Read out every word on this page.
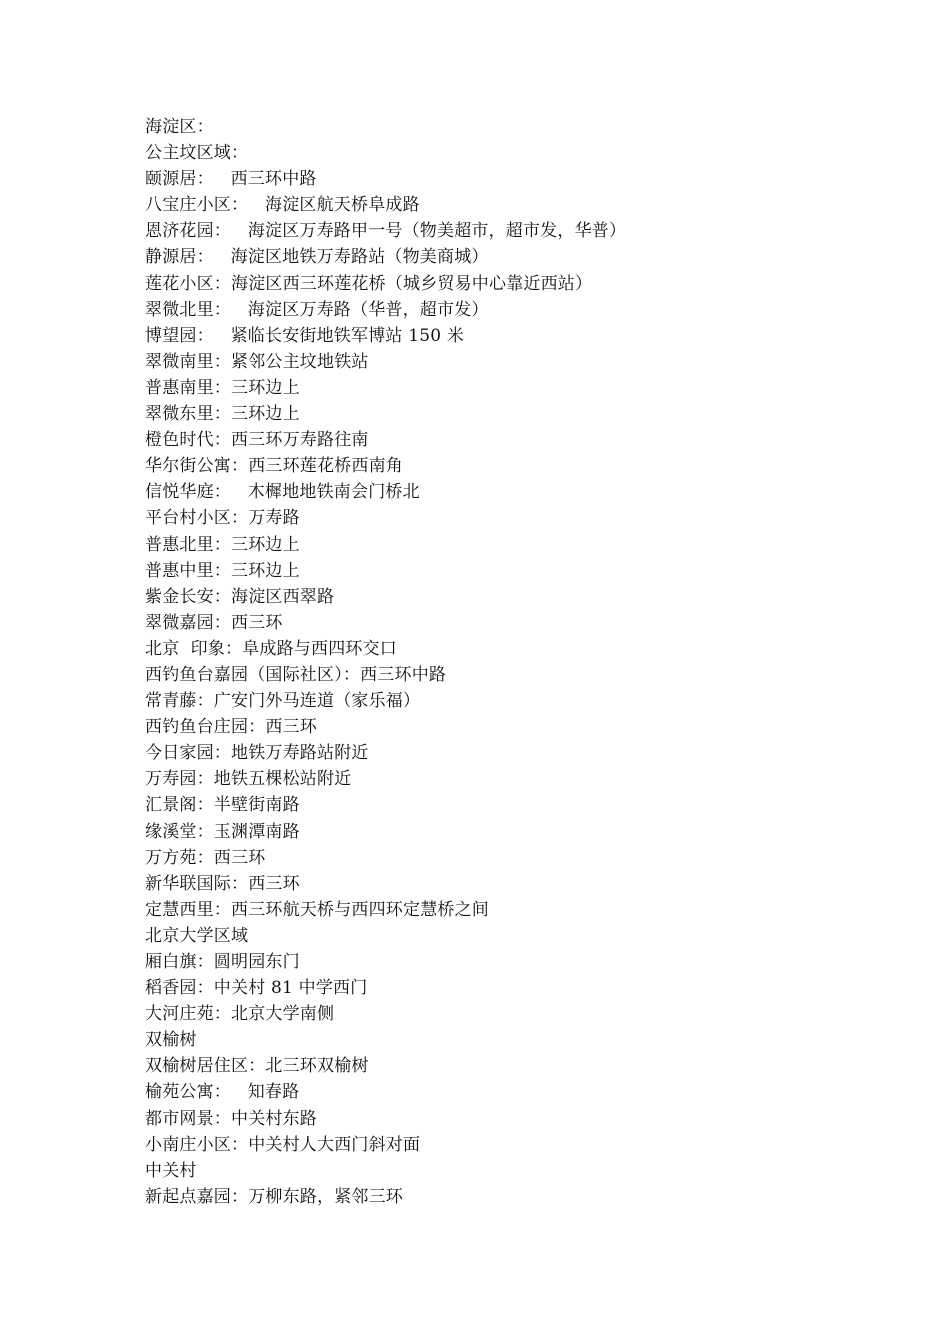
海淀区：
公主坟区域：
颐源居：   西三环中路
八宝庄小区：   海淀区航天桥阜成路
恩济花园：   海淀区万寿路甲一号（物美超市，超市发，华普）
静源居：   海淀区地铁万寿路站（物美商城）
莲花小区：海淀区西三环莲花桥（城乡贸易中心靠近西站）
翠微北里：   海淀区万寿路（华普，超市发）
博望园：   紧临长安街地铁军博站 150 米
翠微南里：紧邻公主坟地铁站
普惠南里：三环边上
翠微东里：三环边上
橙色时代：西三环万寿路往南
华尔街公寓：西三环莲花桥西南角
信悦华庭：   木樨地地铁南会门桥北
平台村小区：万寿路
普惠北里：三环边上
普惠中里：三环边上
紫金长安：海淀区西翠路
翠微嘉园：西三环
北京  印象：阜成路与西四环交口
西钓鱼台嘉园（国际社区）：西三环中路
常青藤：广安门外马连道（家乐福）
西钓鱼台庄园：西三环
今日家园：地铁万寿路站附近
万寿园：地铁五棵松站附近
汇景阁：半壁街南路
缘溪堂：玉渊潭南路
万方苑：西三环
新华联国际：西三环
定慧西里：西三环航天桥与西四环定慧桥之间
北京大学区域
厢白旗：圆明园东门
稻香园：中关村 81 中学西门
大河庄苑：北京大学南侧
双榆树
双榆树居住区：北三环双榆树
榆苑公寓：   知春路
都市网景：中关村东路
小南庄小区：中关村人大西门斜对面
中关村
新起点嘉园：万柳东路，紧邻三环
